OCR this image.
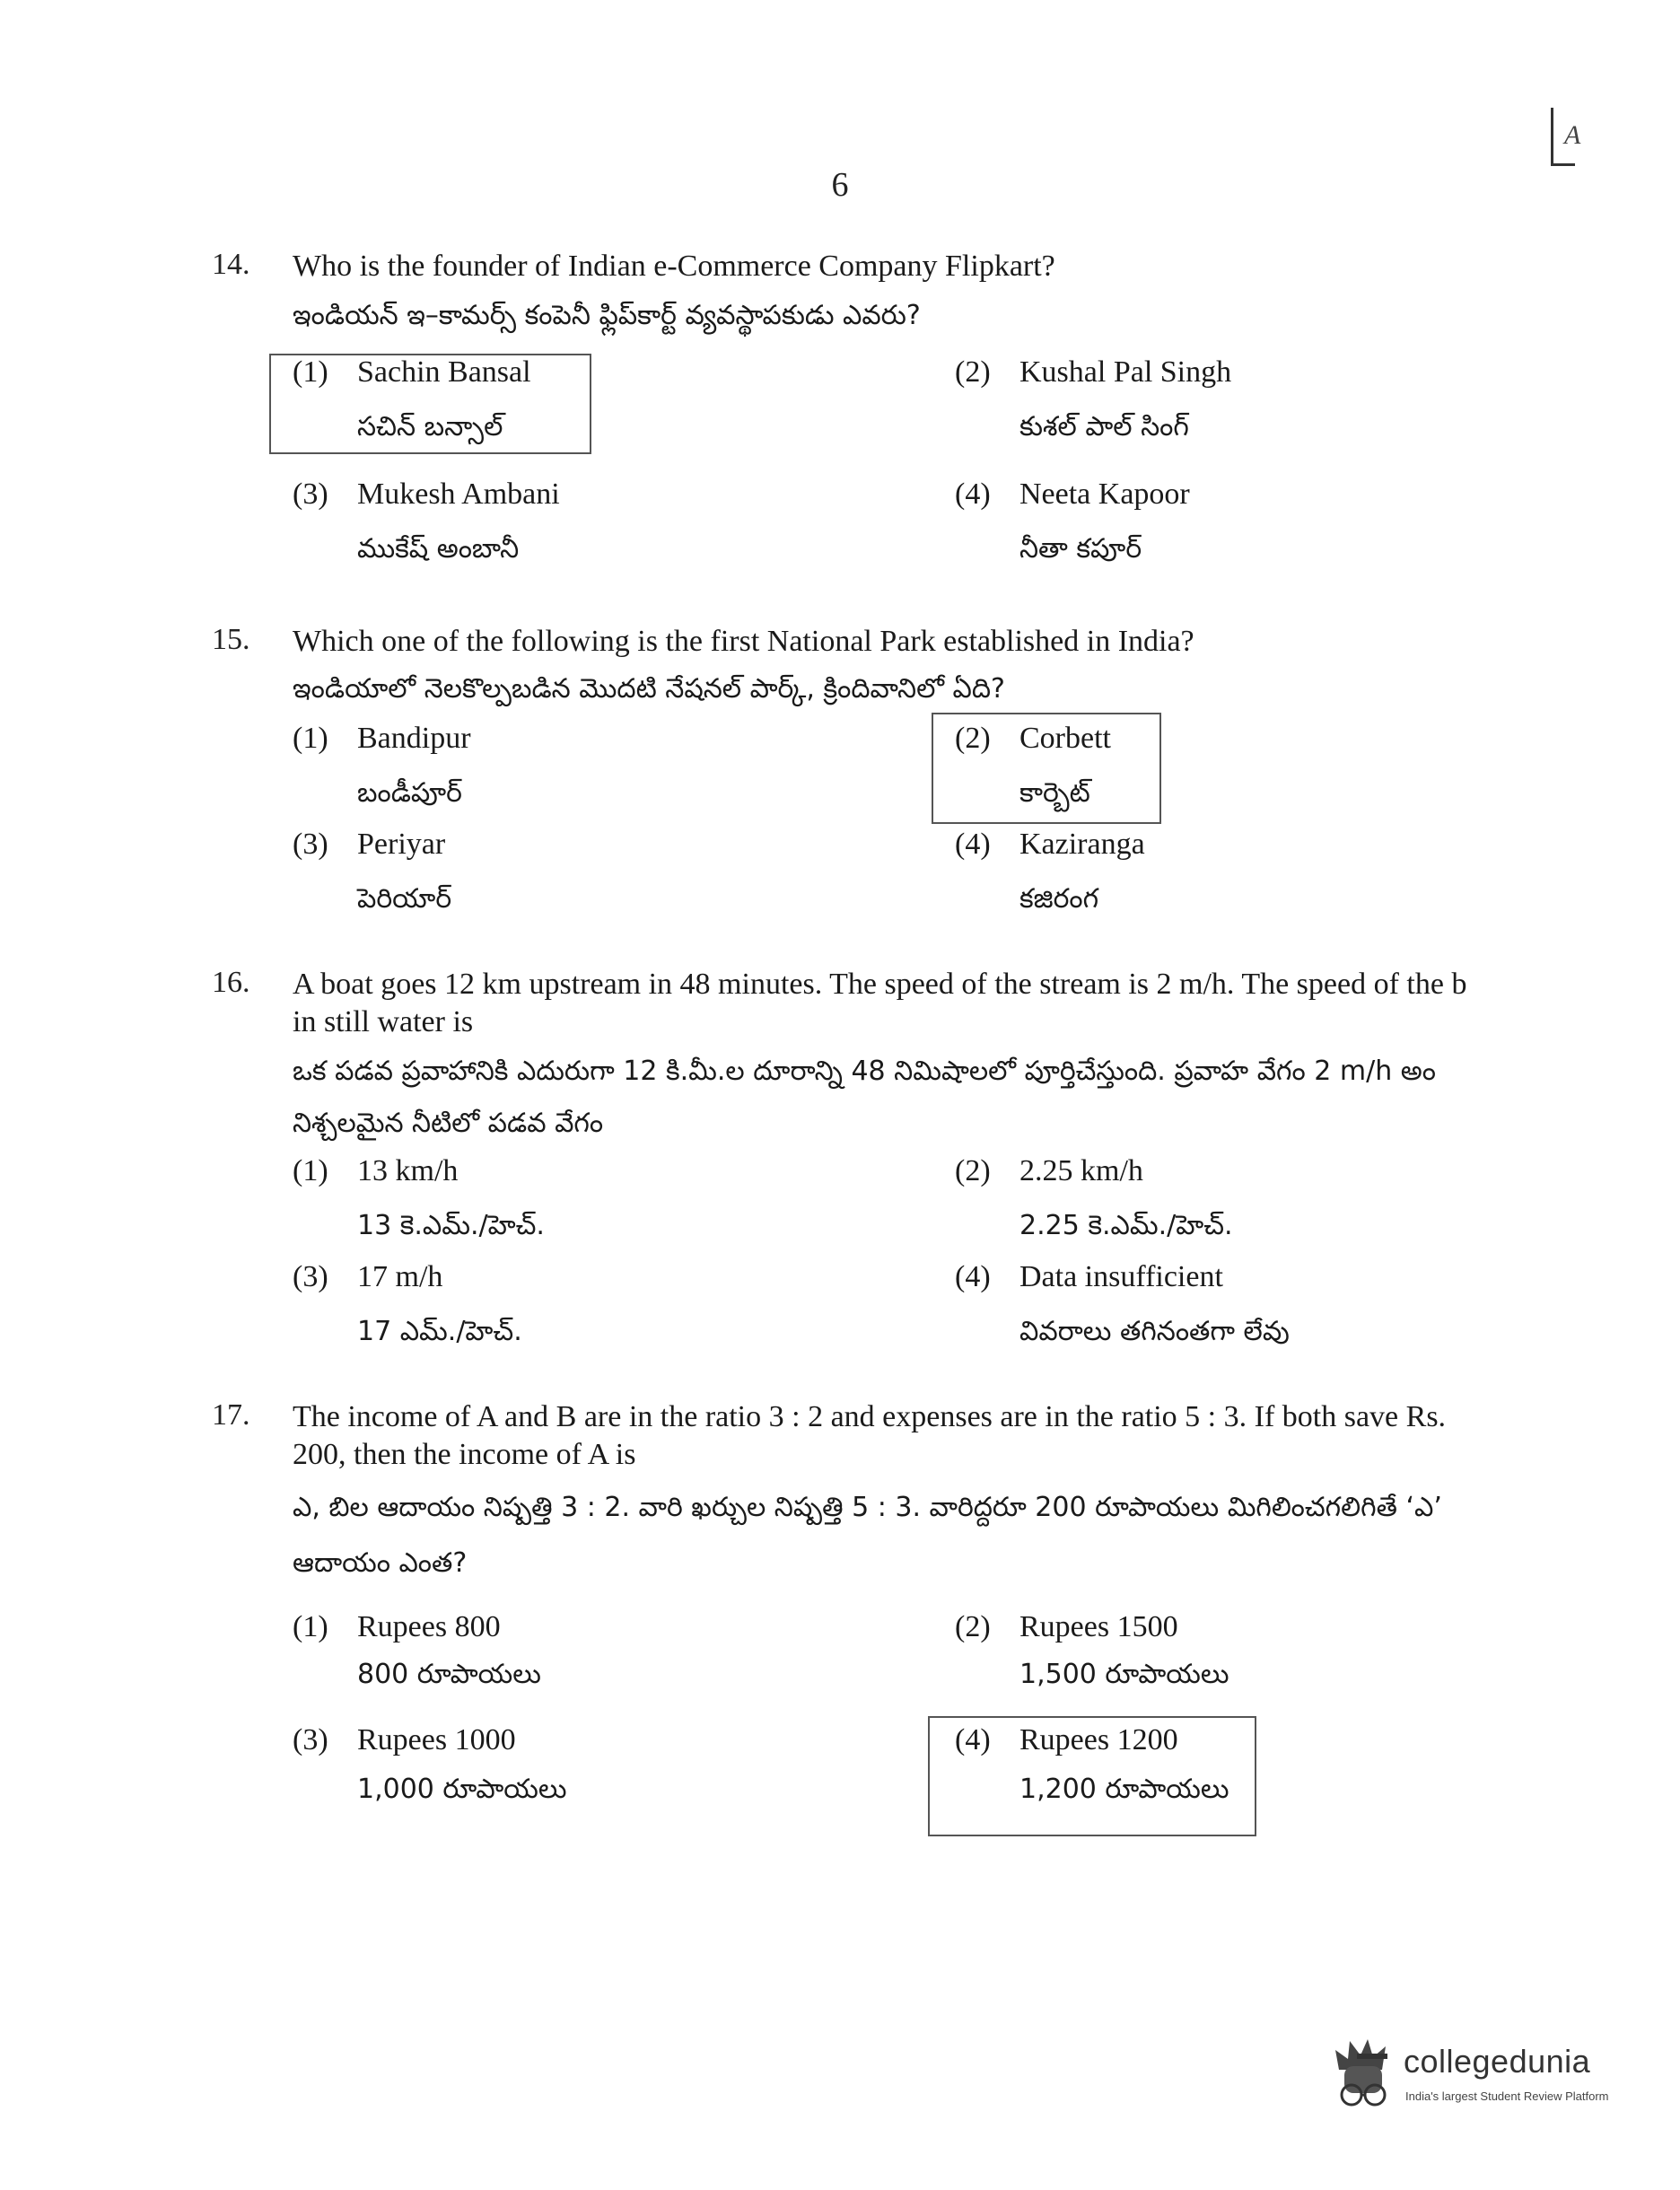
6
A
14. Who is the founder of Indian e-Commerce Company Flipkart?
ఇండియన్ ఇ–కామర్స్ కంపెనీ ఫ్లిప్‌కార్ట్ వ్యవస్థాపకుడు ఎవరు?
(1) Sachin Bansal
సచిన్ బన్సాల్
(2) Kushal Pal Singh
కుశల్ పాల్ సింగ్
(3) Mukesh Ambani
ముకేష్ అంబానీ
(4) Neeta Kapoor
నీతా కపూర్
15. Which one of the following is the first National Park established in India?
ఇండియాలో నెలకొల్పబడిన మొదటి నేషనల్ పార్క్, క్రిందివానిలో ఏది?
(1) Bandipur
బండీపూర్
(2) Corbett
కార్బెట్
(3) Periyar
పెరియార్
(4) Kaziranga
కజిరంగ
16. A boat goes 12 km upstream in 48 minutes. The speed of the stream is 2 m/h. The speed of the b
in still water is
ఒక పడవ ప్రవాహానికి ఎదురుగా 12 కి.మీ.ల దూరాన్ని 48 నిమిషాలలో పూర్తిచేస్తుంది. ప్రవాహ వేగం 2 m/h అం
నిశ్చలమైన నీటిలో పడవ వేగం
(1) 13 km/h
13 కె.ఎమ్./హెచ్.
(2) 2.25 km/h
2.25 కె.ఎమ్./హెచ్.
(3) 17 m/h
17 ఎమ్./హెచ్.
(4) Data insufficient
వివరాలు తగినంతగా లేవు
17. The income of A and B are in the ratio 3 : 2 and expenses are in the ratio 5 : 3. If both save Rs.
200, then the income of A is
ఎ, బిల ఆదాయం నిష్పత్తి 3 : 2. వారి ఖర్చుల నిష్పత్తి 5 : 3. వారిద్దరూ 200 రూపాయలు మిగిలించగలిగితే ‘ఎ’
ఆదాయం ఎంత?
(1) Rupees 800
800 రూపాయలు
(2) Rupees 1500
1,500 రూపాయలు
(3) Rupees 1000
1,000 రూపాయలు
(4) Rupees 1200
1,200 రూపాయలు
collegedunia
India's largest Student Review Platform
